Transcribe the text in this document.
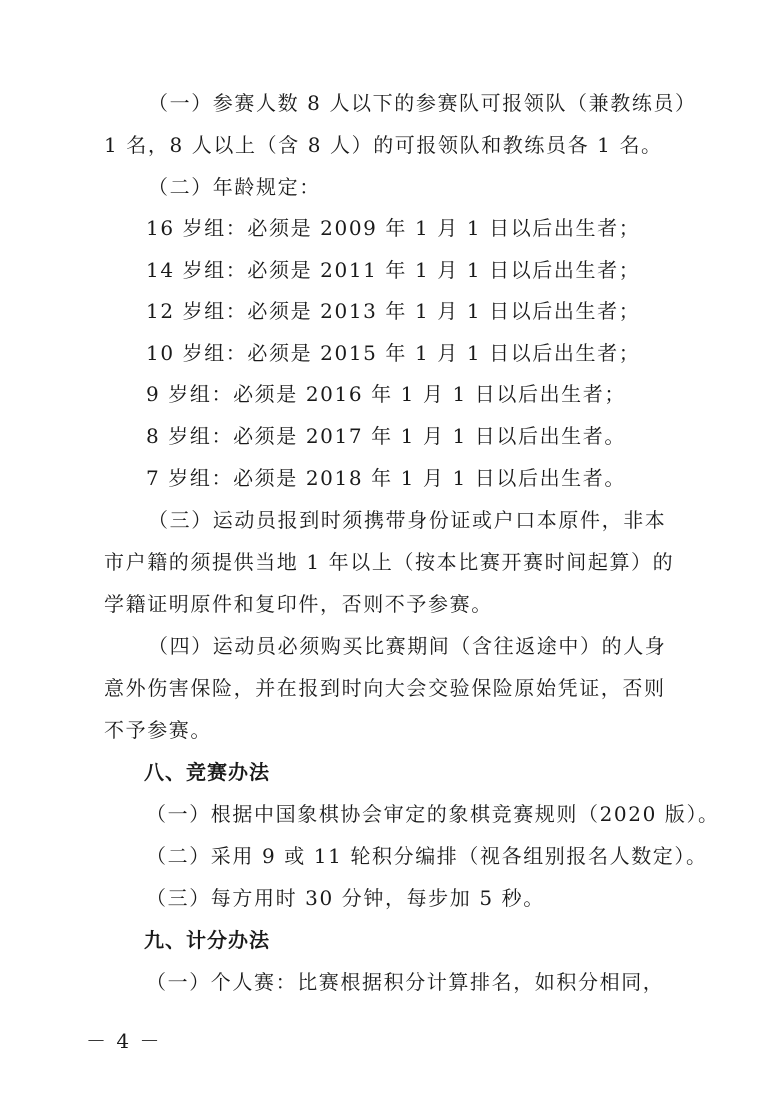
（一）参赛人数 8 人以下的参赛队可报领队（兼教练员）
1 名，8 人以上（含 8 人）的可报领队和教练员各 1 名。
（二）年龄规定：
16 岁组：必须是 2009 年 1 月 1 日以后出生者；
14 岁组：必须是 2011 年 1 月 1 日以后出生者；
12 岁组：必须是 2013 年 1 月 1 日以后出生者；
10 岁组：必须是 2015 年 1 月 1 日以后出生者；
9 岁组：必须是 2016 年 1 月 1 日以后出生者；
8 岁组：必须是 2017 年 1 月 1 日以后出生者。
7 岁组：必须是 2018 年 1 月 1 日以后出生者。
（三）运动员报到时须携带身份证或户口本原件，非本
市户籍的须提供当地 1 年以上（按本比赛开赛时间起算）的
学籍证明原件和复印件，否则不予参赛。
（四）运动员必须购买比赛期间（含往返途中）的人身
意外伤害保险，并在报到时向大会交验保险原始凭证，否则
不予参赛。
八、竞赛办法
（一）根据中国象棋协会审定的象棋竞赛规则（2020 版）。
（二）采用 9 或 11 轮积分编排（视各组别报名人数定）。
（三）每方用时 30 分钟，每步加 5 秒。
九、计分办法
（一）个人赛：比赛根据积分计算排名，如积分相同，
－ 4 －
